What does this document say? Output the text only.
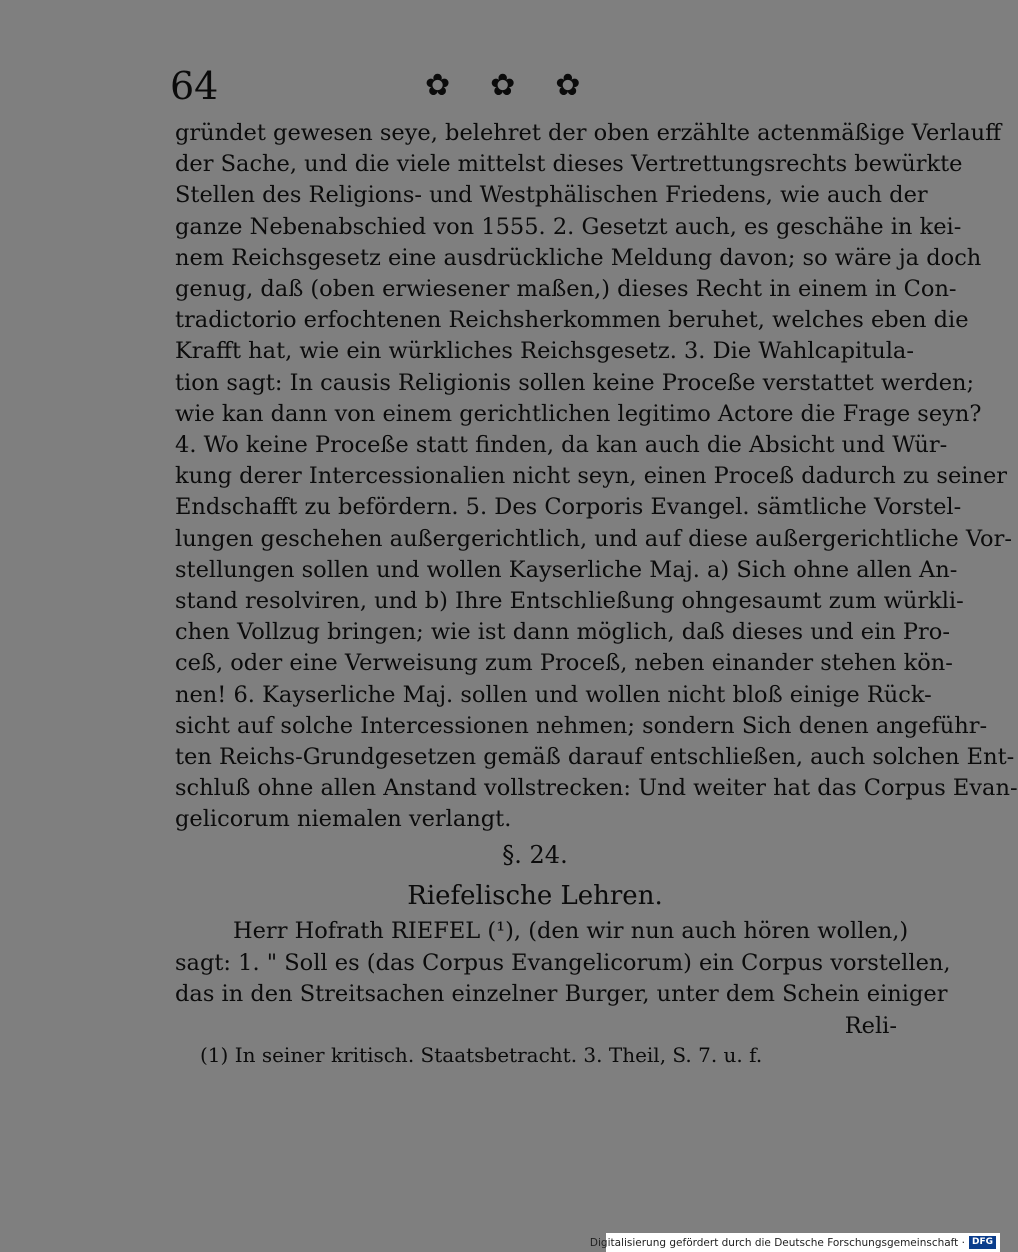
64	✿ ✿ ✿
gründet gewesen seye, belehret der oben erzählte actenmäßige Verlauff
der Sache, und die viele mittelst dieses Vertrettungsrechts bewürkte
Stellen des Religions- und Westphälischen Friedens, wie auch der
ganze Nebenabschied von 1555. 2. Gesetzt auch, es geschähe in kei-
nem Reichsgesetz eine ausdrückliche Meldung davon; so wäre ja doch
genug, daß (oben erwiesener maßen,) dieses Recht in einem in Con-
tradictorio erfochtenen Reichsherkommen beruhet, welches eben die
Krafft hat, wie ein würkliches Reichsgesetz. 3. Die Wahlcapitula-
tion sagt: In causis Religionis sollen keine Proceße verstattet werden;
wie kan dann von einem gerichtlichen legitimo Actore die Frage seyn?
4. Wo keine Proceße statt finden, da kan auch die Absicht und Wür-
kung derer Intercessionalien nicht seyn, einen Proceß dadurch zu seiner
Endschafft zu befördern. 5. Des Corporis Evangel. sämtliche Vorstel-
lungen geschehen außergerichtlich, und auf diese außergerichtliche Vor-
stellungen sollen und wollen Kayserliche Maj. a) Sich ohne allen An-
stand resolviren, und b) Ihre Entschließung ohngesaumt zum würkli-
chen Vollzug bringen; wie ist dann möglich, daß dieses und ein Pro-
ceß, oder eine Verweisung zum Proceß, neben einander stehen kön-
nen! 6. Kayserliche Maj. sollen und wollen nicht bloß einige Rück-
sicht auf solche Intercessionen nehmen; sondern Sich denen angeführ-
ten Reichs-Grundgesetzen gemäß darauf entschließen, auch solchen Ent-
schluß ohne allen Anstand vollstrecken: Und weiter hat das Corpus Evan-
gelicorum niemalen verlangt.
§. 24.
Riefelische Lehren.
Herr Hofrath RIEFEL (¹), (den wir nun auch hören wollen,)
sagt: 1. " Soll es (das Corpus Evangelicorum) ein Corpus vorstellen,
das in den Streitsachen einzelner Burger, unter dem Schein einiger
Reli-
(1) In seiner kritisch. Staatsbetracht. 3. Theil, S. 7. u. f.
Digitalisierung gefördert durch die Deutsche Forschungsgemeinschaft · DFG
